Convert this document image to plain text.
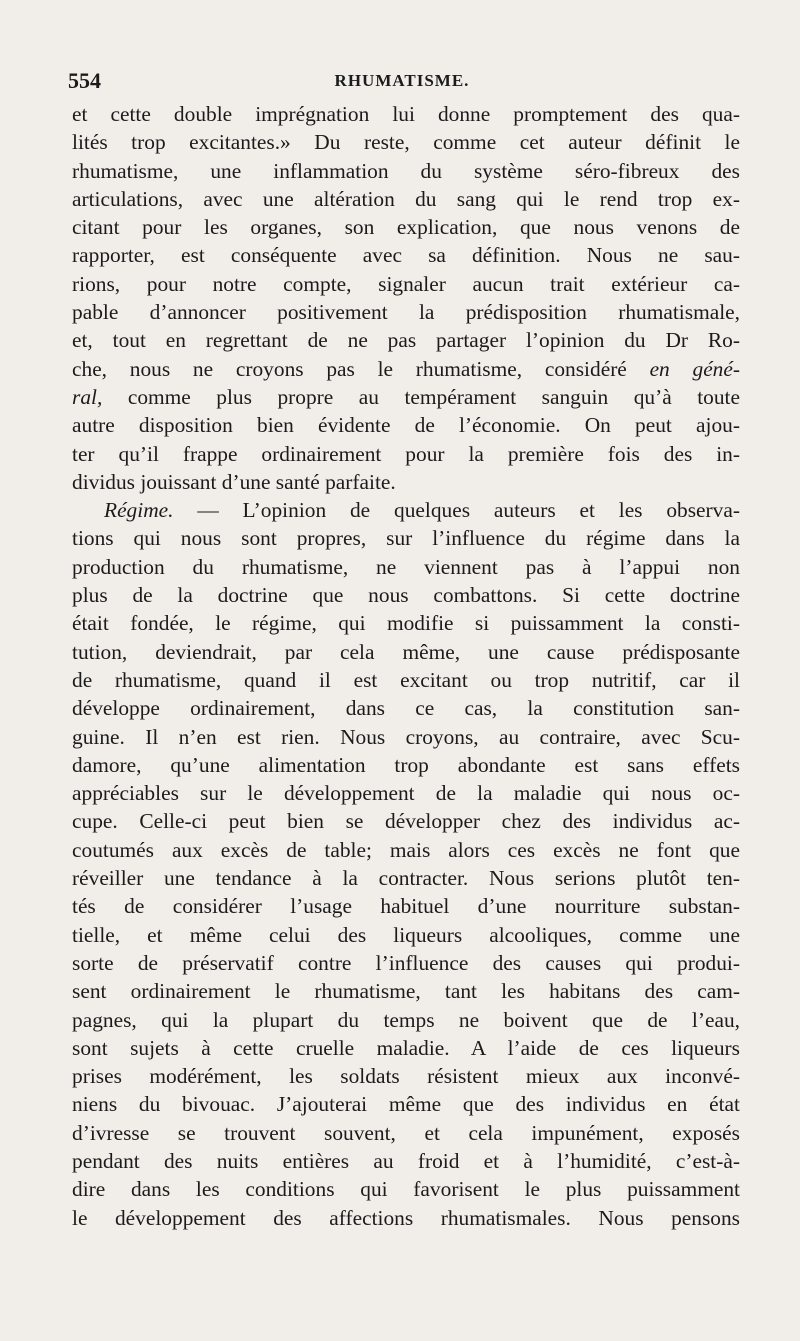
554	RHUMATISME.
et cette double imprégnation lui donne promptement des qua-
lités trop excitantes.» Du reste, comme cet auteur définit le
rhumatisme, une inflammation du système séro-fibreux des
articulations, avec une altération du sang qui le rend trop ex-
citant pour les organes, son explication, que nous venons de
rapporter, est conséquente avec sa définition. Nous ne sau-
rions, pour notre compte, signaler aucun trait extérieur ca-
pable d’annoncer positivement la prédisposition rhumatismale,
et, tout en regrettant de ne pas partager l’opinion du Dr Ro-
che, nous ne croyons pas le rhumatisme, considéré en géné-
ral, comme plus propre au tempérament sanguin qu’à toute
autre disposition bien évidente de l’économie. On peut ajou-
ter qu’il frappe ordinairement pour la première fois des in-
dividus jouissant d’une santé parfaite.
Régime. — L’opinion de quelques auteurs et les observa-
tions qui nous sont propres, sur l’influence du régime dans la
production du rhumatisme, ne viennent pas à l’appui non
plus de la doctrine que nous combattons. Si cette doctrine
était fondée, le régime, qui modifie si puissamment la consti-
tution, deviendrait, par cela même, une cause prédisposante
de rhumatisme, quand il est excitant ou trop nutritif, car il
développe ordinairement, dans ce cas, la constitution san-
guine. Il n’en est rien. Nous croyons, au contraire, avec Scu-
damore, qu’une alimentation trop abondante est sans effets
appréciables sur le développement de la maladie qui nous oc-
cupe. Celle-ci peut bien se développer chez des individus ac-
coutumés aux excès de table; mais alors ces excès ne font que
réveiller une tendance à la contracter. Nous serions plutôt ten-
tés de considérer l’usage habituel d’une nourriture substan-
tielle, et même celui des liqueurs alcooliques, comme une
sorte de préservatif contre l’influence des causes qui produi-
sent ordinairement le rhumatisme, tant les habitans des cam-
pagnes, qui la plupart du temps ne boivent que de l’eau,
sont sujets à cette cruelle maladie. A l’aide de ces liqueurs
prises modérément, les soldats résistent mieux aux inconvé-
niens du bivouac. J’ajouterai même que des individus en état
d’ivresse se trouvent souvent, et cela impunément, exposés
pendant des nuits entières au froid et à l’humidité, c’est-à-
dire dans les conditions qui favorisent le plus puissamment
le développement des affections rhumatismales. Nous pensons
